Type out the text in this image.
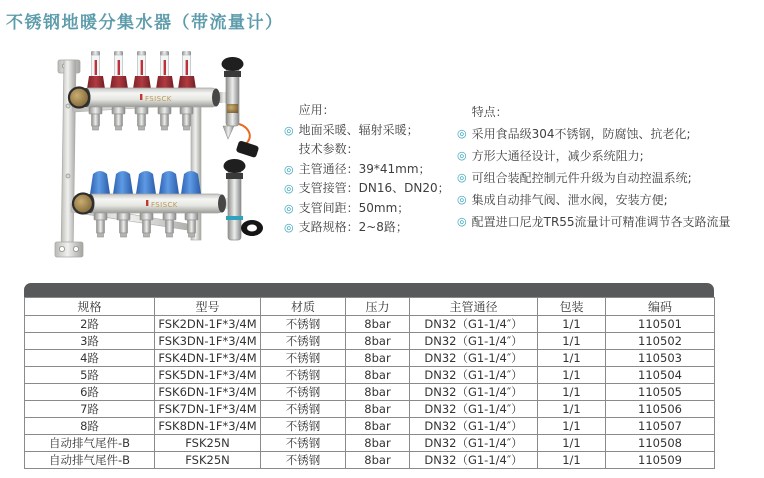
不锈钢地暖分集水器（带流量计）
FSISCK
FSISCK
应用：
◎ 地面采暖、辐射采暖；
技术参数：
◎ 主管通径：39*41mm；
◎ 支管接管：DN16、DN20；
◎ 支管间距：50mm；
◎ 支路规格：2~8路；
特点：
◎ 采用食品级304不锈钢，防腐蚀、抗老化;
◎ 方形大通径设计，减少系统阻力;
◎ 可组合装配控制元件升级为自动控温系统;
◎ 集成自动排气阀、泄水阀，安装方便;
◎ 配置进口尼龙TR55流量计可精准调节各支路流量
规格	型号	材质	压力	主管通径	包装	编码
2路	FSK2DN-1F*3/4M	不锈钢	8bar	DN32（G1-1/4″）	1/1	110501
3路	FSK3DN-1F*3/4M	不锈钢	8bar	DN32（G1-1/4″）	1/1	110502
4路	FSK4DN-1F*3/4M	不锈钢	8bar	DN32（G1-1/4″）	1/1	110503
5路	FSK5DN-1F*3/4M	不锈钢	8bar	DN32（G1-1/4″）	1/1	110504
6路	FSK6DN-1F*3/4M	不锈钢	8bar	DN32（G1-1/4″）	1/1	110505
7路	FSK7DN-1F*3/4M	不锈钢	8bar	DN32（G1-1/4″）	1/1	110506
8路	FSK8DN-1F*3/4M	不锈钢	8bar	DN32（G1-1/4″）	1/1	110507
自动排气尾件-B	FSK25N	不锈钢	8bar	DN32（G1-1/4″）	1/1	110508
自动排气尾件-B	FSK25N	不锈钢	8bar	DN32（G1-1/4″）	1/1	110509
